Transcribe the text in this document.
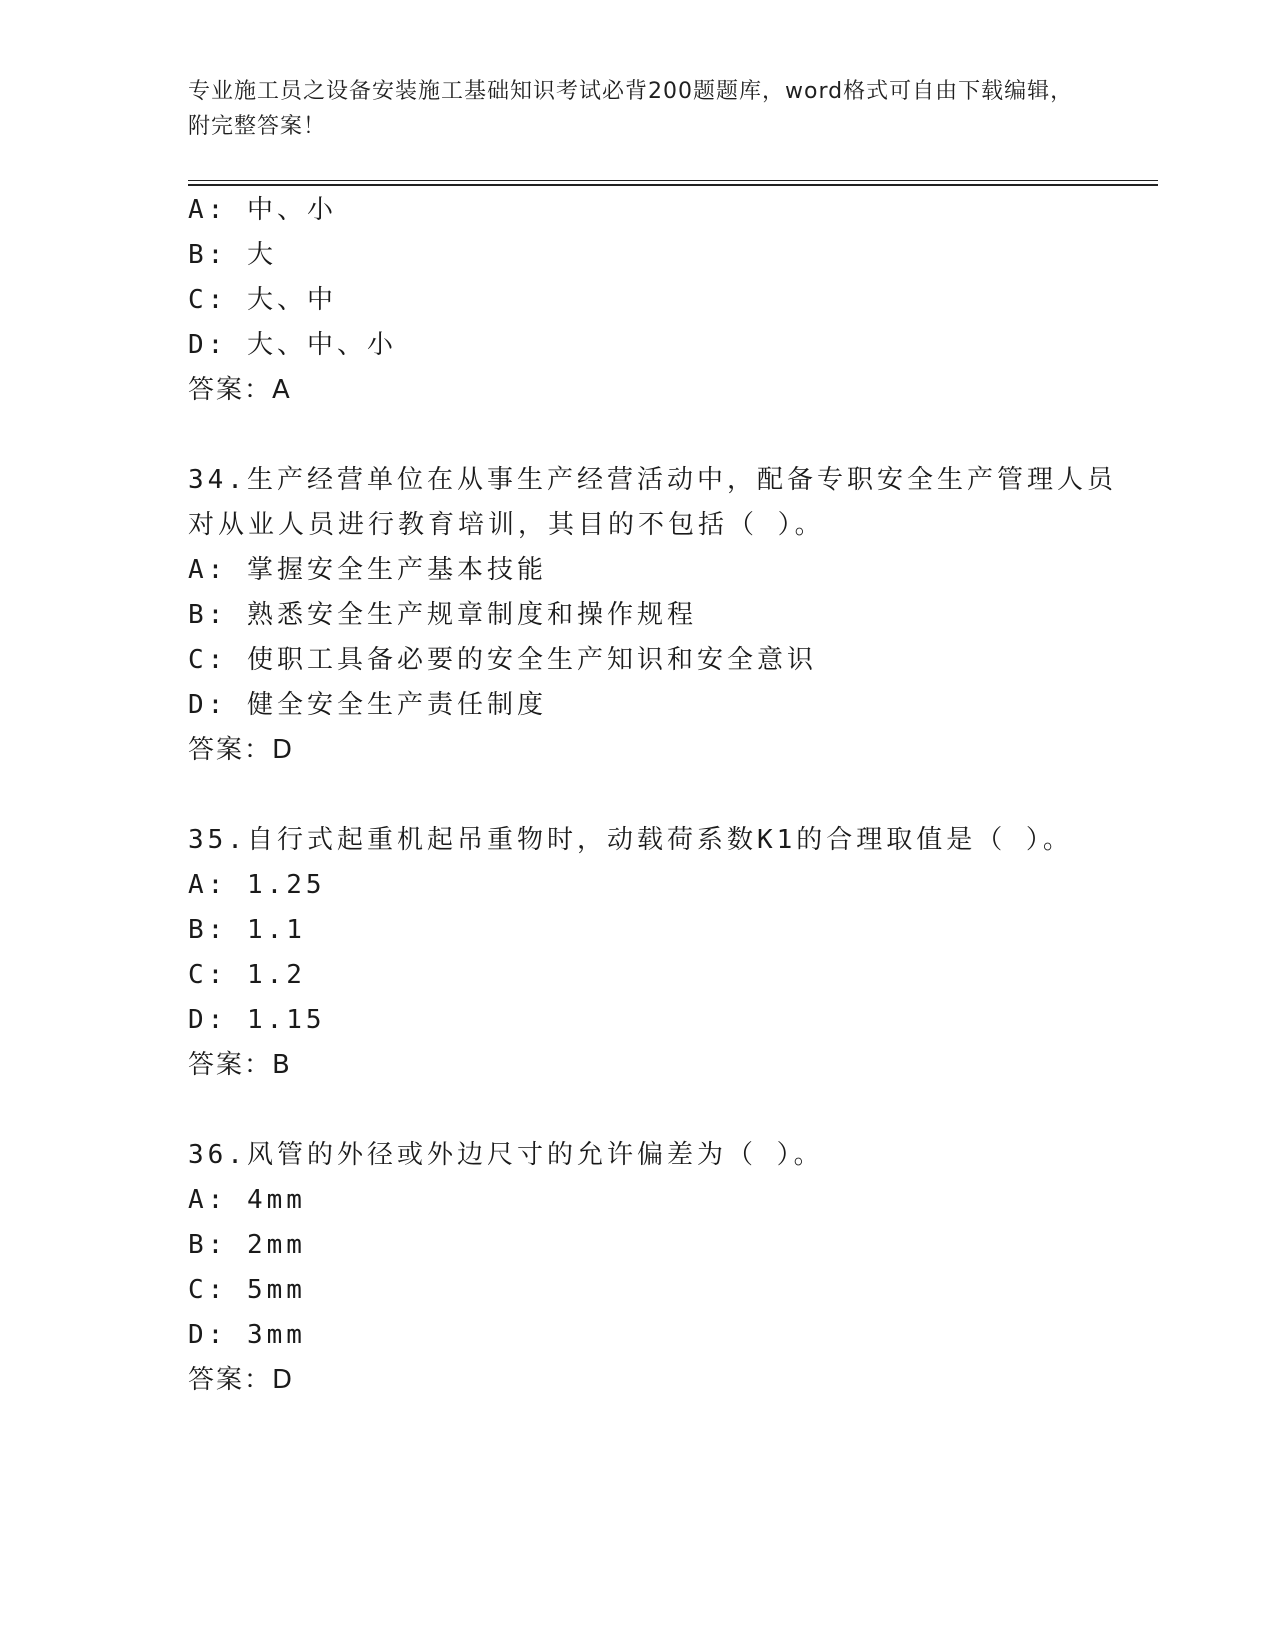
专业施工员之设备安装施工基础知识考试必背200题题库，word格式可自由下载编辑，附完整答案！
A: 中、小
B: 大
C: 大、中
D: 大、中、小
答案：A
34.生产经营单位在从事生产经营活动中，配备专职安全生产管理人员
对从业人员进行教育培训，其目的不包括（ ）。
A: 掌握安全生产基本技能
B: 熟悉安全生产规章制度和操作规程
C: 使职工具备必要的安全生产知识和安全意识
D: 健全安全生产责任制度
答案：D
35.自行式起重机起吊重物时，动载荷系数K1的合理取值是（ ）。
A: 1.25
B: 1.1
C: 1.2
D: 1.15
答案：B
36.风管的外径或外边尺寸的允许偏差为（ ）。
A: 4mm
B: 2mm
C: 5mm
D: 3mm
答案：D
